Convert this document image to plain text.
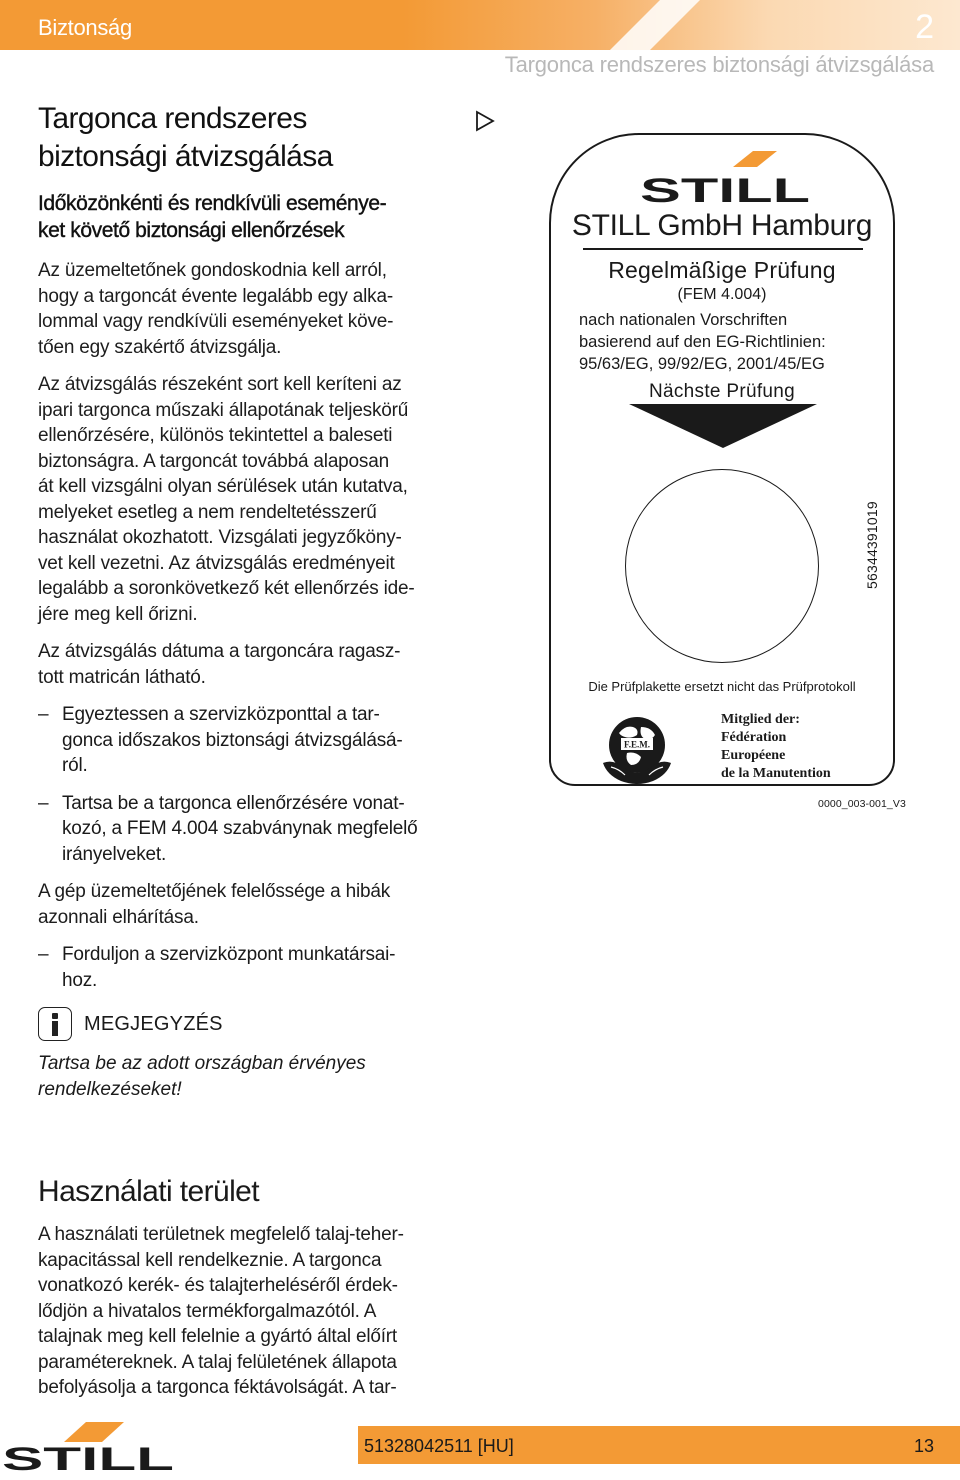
Biztonság	2
Targonca rendszeres biztonsági átvizsgálása
Targonca rendszeres
biztonsági átvizsgálása
Időközönkénti és rendkívüli eseménye-
ket követő biztonsági ellenőrzések

Az üzemeltetőnek gondoskodnia kell arról,
hogy a targoncát évente legalább egy alka-
lommal vagy rendkívüli eseményeket köve-
tően egy szakértő átvizsgálja.

Az átvizsgálás részeként sort kell keríteni az
ipari targonca műszaki állapotának teljeskörű
ellenőrzésére, különös tekintettel a baleseti
biztonságra. A targoncát továbbá alaposan
át kell vizsgálni olyan sérülések után kutatva,
melyeket esetleg a nem rendeltetésszerű
használat okozhatott. Vizsgálati jegyzőköny-
vet kell vezetni. Az átvizsgálás eredményeit
legalább a soronkövetkező két ellenőrzés ide-
jére meg kell őrizni.

Az átvizsgálás dátuma a targoncára ragasz-
tott matricán látható.

– Egyeztessen a szervizközponttal a tar-
gonca időszakos biztonsági átvizsgálásá-
ról.
– Tartsa be a targonca ellenőrzésére vonat-
kozó, a FEM 4.004 szabványnak megfelelő
irányelveket.

A gép üzemeltetőjének felelőssége a hibák
azonnali elhárítása.

– Forduljon a szervizközpont munkatársai-
hoz.
MEGJEGYZÉS

Tartsa be az adott országban érvényes
rendelkezéseket!

Használati terület

A használati területnek megfelelő talaj-teher-
kapacitással kell rendelkeznie. A targonca
vonatkozó kerék- és talajterheléséről érdek-
lődjön a hivatalos termékforgalmazótól. A
talajnak meg kell felelnie a gyártó által előírt
paramétereknek. A talaj felületének állapota
befolyásolja a targonca féktávolságát. A tar-

STILL
STILL GmbH Hamburg
Regelmäßige Prüfung
(FEM 4.004)
nach nationalen Vorschriften
basierend auf den EG-Richtlinien:
95/63/EG, 99/92/EG, 2001/45/EG
Nächste Prüfung
56344391019
Die Prüfplakette ersetzt nicht das Prüfprotokoll
F.E.M.
Mitglied der:
Fédération
Européene
de la Manutention
0000_003-001_V3
STILL	51328042511 [HU]	13
